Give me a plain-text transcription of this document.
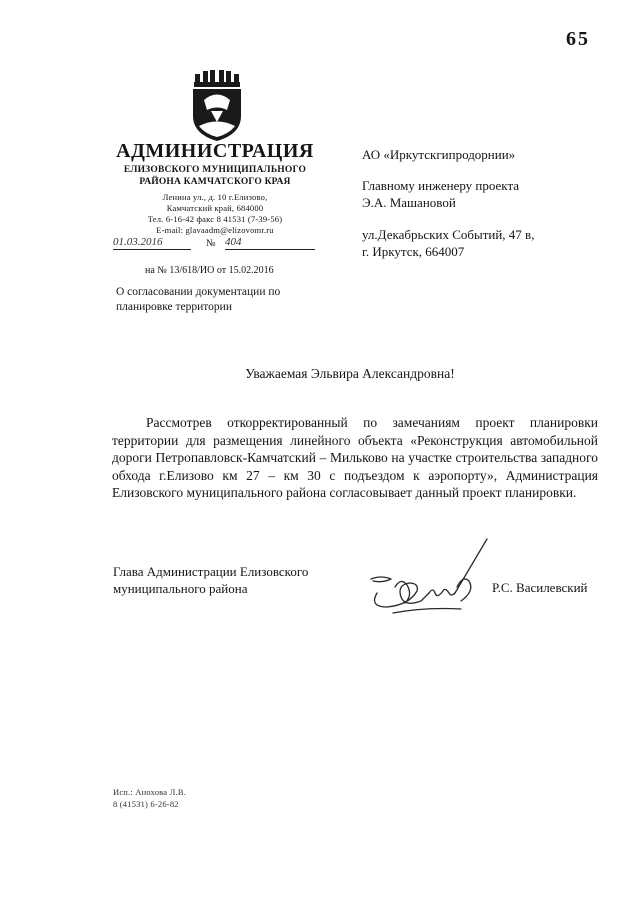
65
АДМИНИСТРАЦИЯ
ЕЛИЗОВСКОГО МУНИЦИПАЛЬНОГО
РАЙОНА КАМЧАТСКОГО КРАЯ
Ленина ул., д. 10 г.Елизово,
Камчатский край, 684000
Тел. 6-16-42 факс 8 41531 (7-39-56)
E-mail: glavaadm@elizovomr.ru
01.03.2016	№ 404
на № 13/618/ИО от 15.02.2016
О согласовании документации по
планировке территории
АО «Иркутскгипродорнии»
Главному инженеру проекта
Э.А. Машановой
ул.Декабрьских Событий, 47 в,
г. Иркутск, 664007
Уважаемая Эльвира Александровна!

Рассмотрев откорректированный по замечаниям проект планировки территории для размещения линейного объекта «Реконструкция автомобильной дороги Петропавловск-Камчатский – Мильково на участке строительства западного обхода г.Елизово км 27 – км 30 с подъездом к аэропорту», Администрация Елизовского муниципального района согласовывает данный проект планировки.

Глава Администрации Елизовского
муниципального района	Р.С. Василевский
Исп.: Анохова Л.В.
8 (41531) 6-26-82
